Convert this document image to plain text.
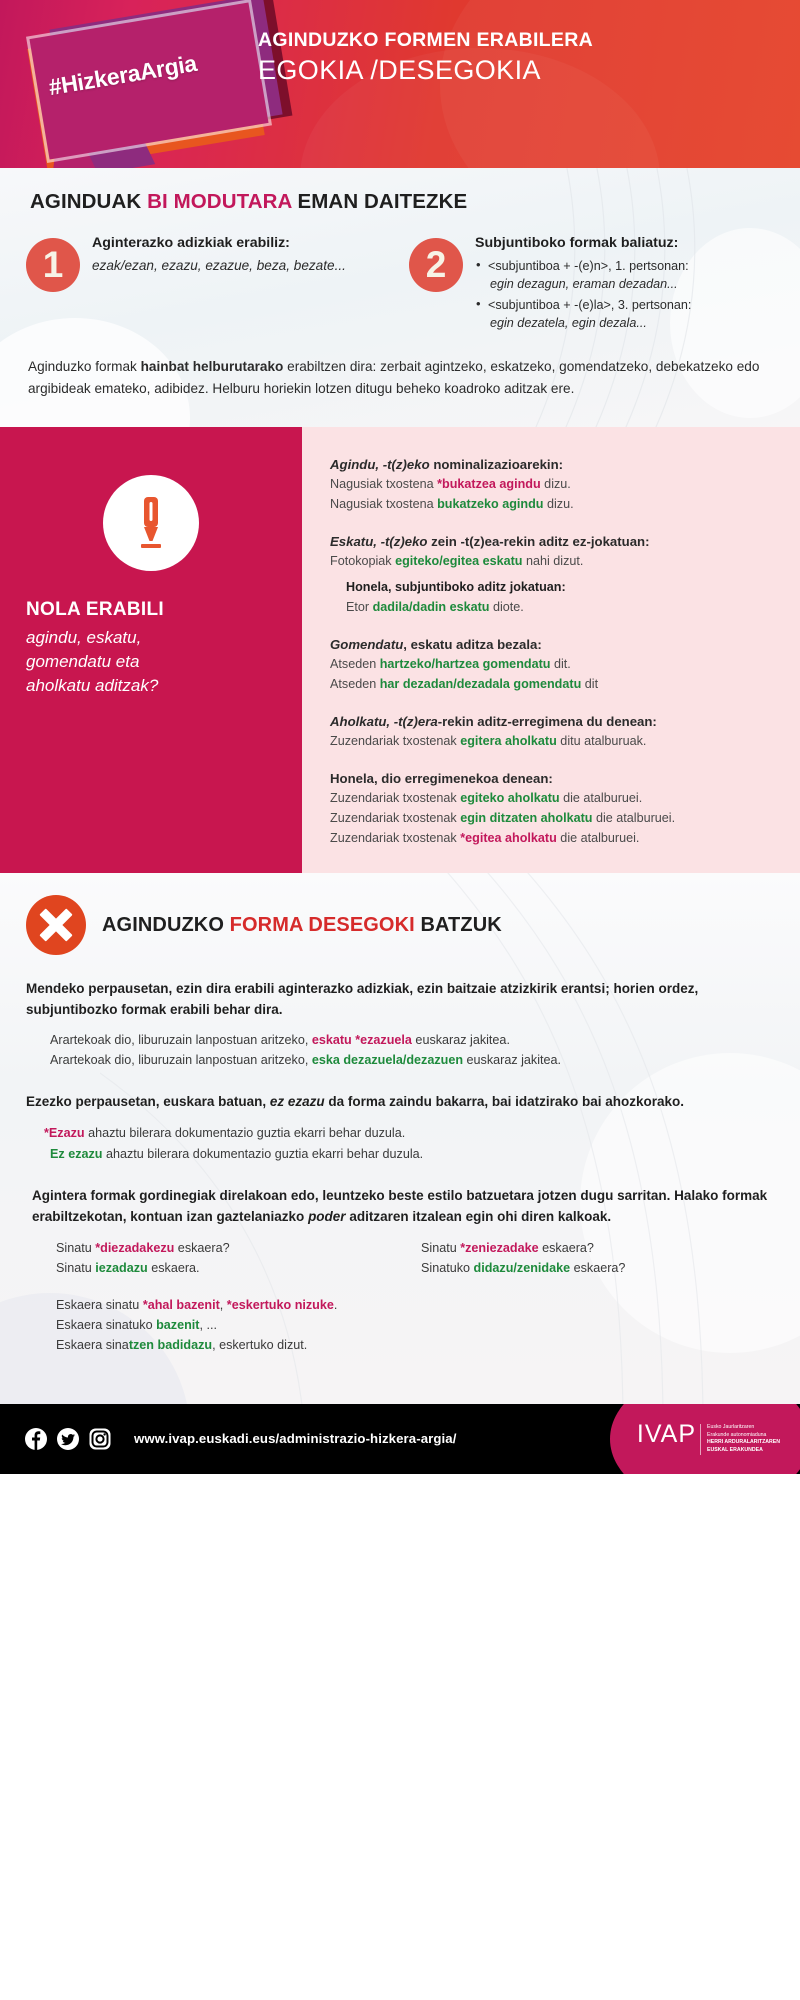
#HizkeraArgia
AGINDUZKO FORMEN ERABILERA
EGOKIA /DESEGOKIA
AGINDUAK BI MODUTARA EMAN DAITEZKE
1
Aginterazko adizkiak erabiliz:
ezak/ezan, ezazu, ezazue, beza, bezate...	2
Subjuntiboko formak baliatuz:
• <subjuntiboa + -(e)n>, 1. pertsonan:
egin dezagun, eraman dezadan...
• <subjuntiboa + -(e)la>, 3. pertsonan:
egin dezatela, egin dezala...
Aginduzko formak hainbat helburutarako erabiltzen dira: zerbait agintzeko, eskatzeko, gomendatzeko, debekatzeko edo argibideak emateko, adibidez. Helburu horiekin lotzen ditugu beheko koadroko aditzak ere.
NOLA ERABILI
agindu, eskatu,
gomendatu eta
aholkatu aditzak?
Agindu, -t(z)eko nominalizazioarekin:
Nagusiak txostena *bukatzea agindu dizu.
Nagusiak txostena bukatzeko agindu dizu.
Eskatu, -t(z)eko zein -t(z)ea-rekin aditz ez-jokatuan:
Fotokopiak egiteko/egitea eskatu nahi dizut.
Honela, subjuntiboko aditz jokatuan:
Etor dadila/dadin eskatu diote.
Gomendatu, eskatu aditza bezala:
Atseden hartzeko/hartzea gomendatu dit.
Atseden har dezadan/dezadala gomendatu dit
Aholkatu, -t(z)era-rekin aditz-erregimena du denean:
Zuzendariak txostenak egitera aholkatu ditu atalburuak.
Honela, dio erregimenekoa denean:
Zuzendariak txostenak egiteko aholkatu die atalburuei.
Zuzendariak txostenak egin ditzaten aholkatu die atalburuei.
Zuzendariak txostenak *egitea aholkatu die atalburuei.
AGINDUZKO FORMA DESEGOKI BATZUK
Mendeko perpausetan, ezin dira erabili aginterazko adizkiak, ezin baitzaie atzizkirik erantsi; horien ordez, subjuntibozko formak erabili behar dira.
Arartekoak dio, liburuzain lanpostuan aritzeko, eskatu *ezazuela euskaraz jakitea.
Arartekoak dio, liburuzain lanpostuan aritzeko, eska dezazuela/dezazuen euskaraz jakitea.
Ezezko perpausetan, euskara batuan, ez ezazu da forma zaindu bakarra, bai idatzirako bai ahozkorako.
*Ezazu ahaztu bilerara dokumentazio guztia ekarri behar duzula.
Ez ezazu ahaztu bilerara dokumentazio guztia ekarri behar duzula.
Agintera formak gordinegiak direlakoan edo, leuntzeko beste estilo batzuetara jotzen dugu sarritan. Halako formak erabiltzekotan, kontuan izan gaztelaniazko poder aditzaren itzalean egin ohi diren kalkoak.
Sinatu *diezadakezu eskaera?
Sinatu iezadazu eskaera.
Sinatu *zeniezadake eskaera?
Sinatuko didazu/zenidake eskaera?
Eskaera sinatu *ahal bazenit, *eskertuko nizuke.
Eskaera sinatuko bazenit, ...
Eskaera sinatzen badidazu, eskertuko dizut.
www.ivap.euskadi.eus/administrazio-hizkera-argia/	IVAP	Eusko Jaurlaritzaren
Erakunde autonomiaduna
HERRI ARDURALARITZAREN
EUSKAL ERAKUNDEA
